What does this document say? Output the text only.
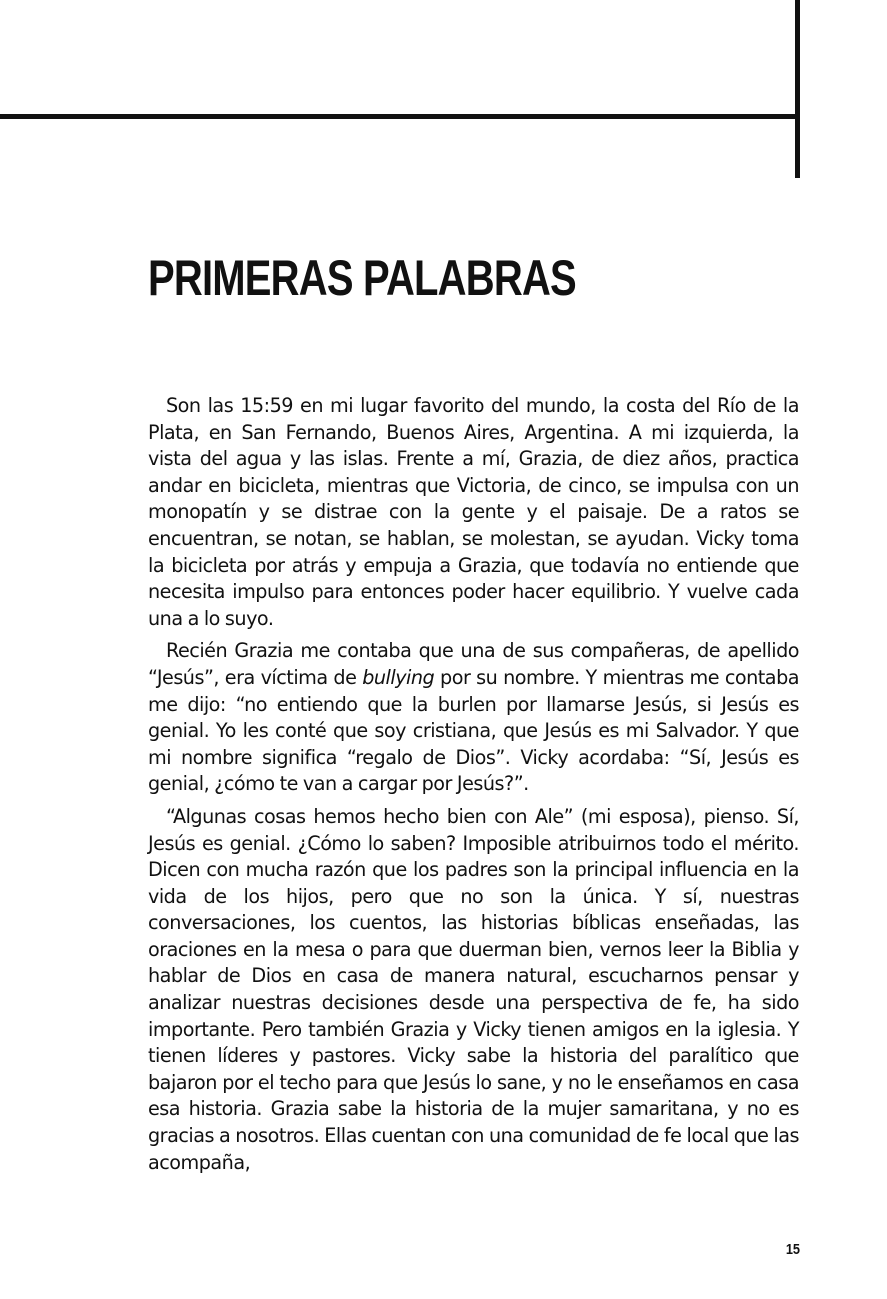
PRIMERAS PALABRAS

Son las 15:59 en mi lugar favorito del mundo, la costa del Río de la Plata, en San Fernando, Buenos Aires, Argentina. A mi izquierda, la vista del agua y las islas. Frente a mí, Grazia, de diez años, practica andar en bicicleta, mientras que Victoria, de cinco, se impulsa con un monopatín y se distrae con la gente y el paisaje. De a ratos se encuentran, se notan, se hablan, se molestan, se ayudan. Vicky toma la bicicleta por atrás y empuja a Grazia, que todavía no entiende que necesita impulso para entonces poder hacer equilibrio. Y vuelve cada una a lo suyo.

Recién Grazia me contaba que una de sus compañeras, de apellido “Jesús”, era víctima de bullying por su nombre. Y mientras me contaba me dijo: “no entiendo que la burlen por llamarse Jesús, si Jesús es genial. Yo les conté que soy cristiana, que Jesús es mi Salvador. Y que mi nombre significa “regalo de Dios”. Vicky acordaba: “Sí, Jesús es genial, ¿cómo te van a cargar por Jesús?”.

“Algunas cosas hemos hecho bien con Ale” (mi esposa), pienso. Sí, Jesús es genial. ¿Cómo lo saben? Imposible atribuirnos todo el mérito. Dicen con mucha razón que los padres son la principal influencia en la vida de los hijos, pero que no son la única. Y sí, nuestras conversaciones, los cuentos, las historias bíblicas enseñadas, las oraciones en la mesa o para que duerman bien, vernos leer la Biblia y hablar de Dios en casa de manera natural, escucharnos pensar y analizar nuestras decisiones desde una perspectiva de fe, ha sido importante. Pero también Grazia y Vicky tienen amigos en la iglesia. Y tienen líderes y pastores. Vicky sabe la historia del paralítico que bajaron por el techo para que Jesús lo sane, y no le enseñamos en casa esa historia. Grazia sabe la historia de la mujer samaritana, y no es gracias a nosotros. Ellas cuentan con una comunidad de fe local que las acompaña,

15
